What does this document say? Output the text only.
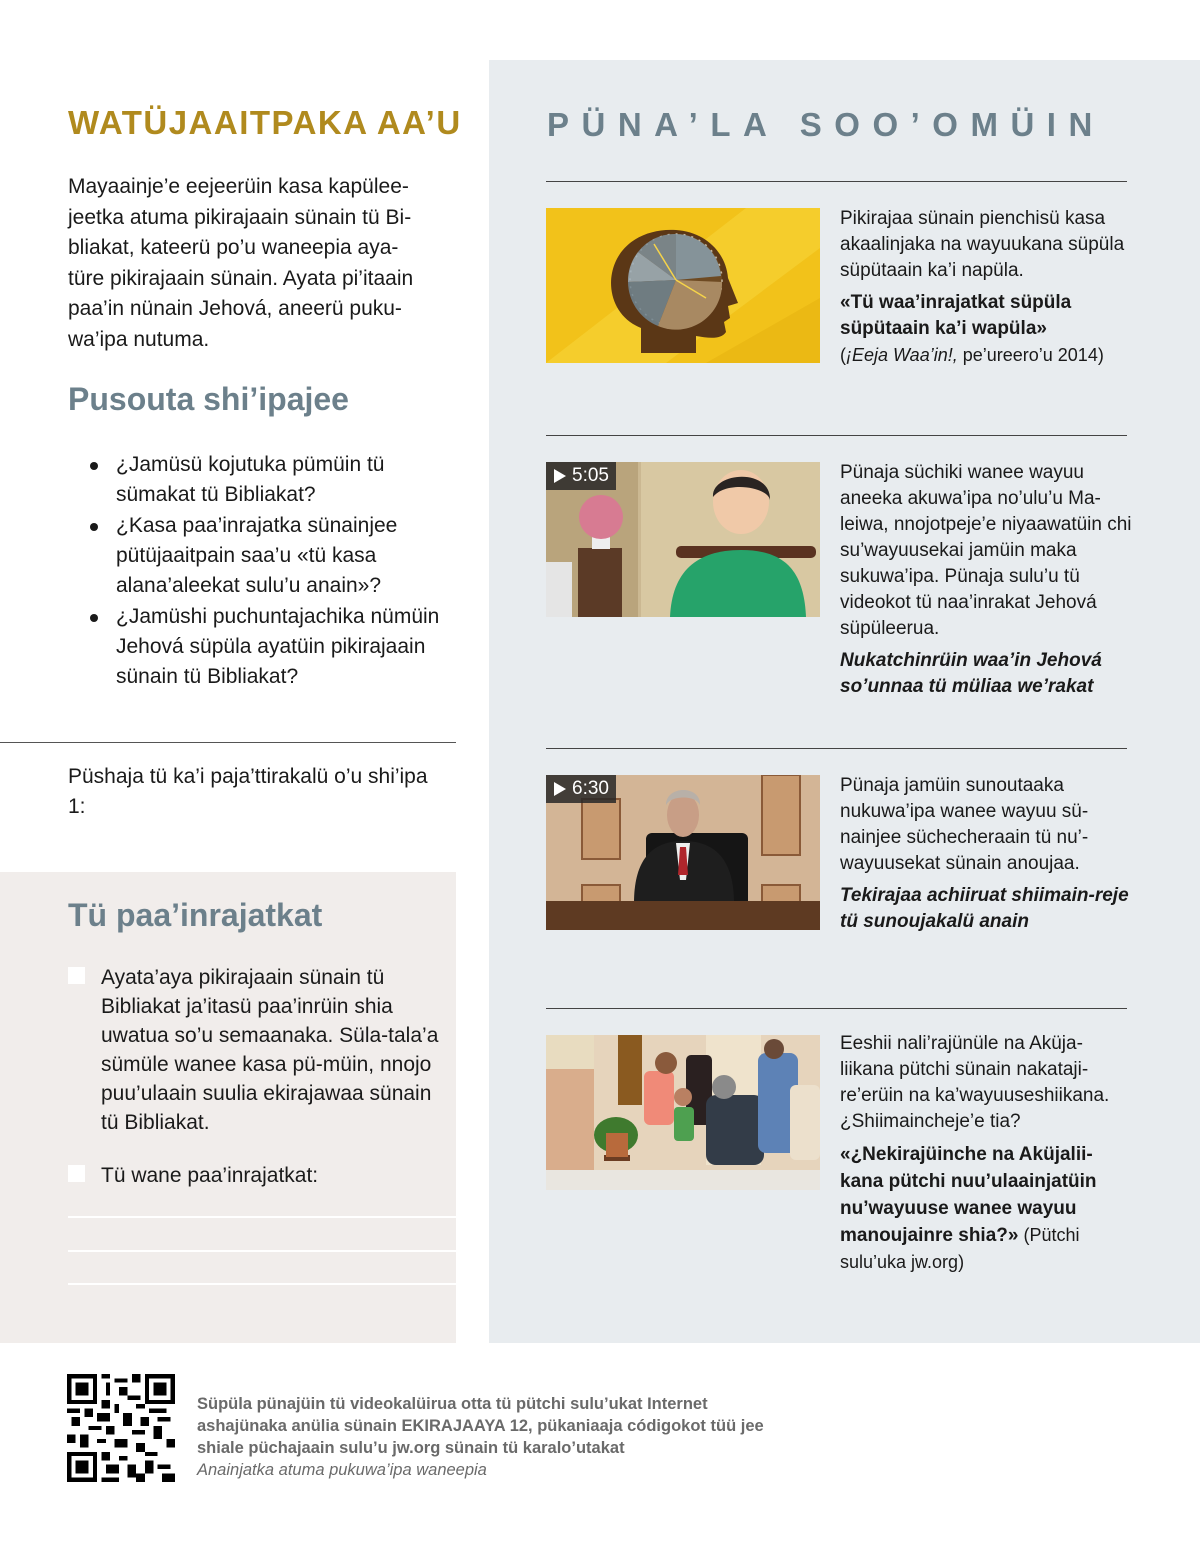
WATÜJAAITPAKA AA’U
Mayaainje’e eejeerüin kasa kapülee-
jeetka atuma pikirajaain sünain tü Bi-
bliakat, kateerü po’u waneepia aya-
türe pikirajaain sünain. Ayata pi’itaain
paa’in nünain Jehová, aneerü puku-
wa’ipa nutuma.
Pusouta shi’ipajee
¿Jamüsü kojutuka pümüin tü sümakat tü Bibliakat?
¿Kasa paa’inrajatka sünainjee pütüjaaitpain saa’u «tü kasa alana’aleekat sulu’u anain»?
¿Jamüshi puchuntajachika nümüin Jehová süpüla ayatüin pikirajaain sünain tü Bibliakat?
Püshaja tü ka’i paja’ttirakalü o’u shi’ipa 1:
Tü paa’inrajatkat
Ayata’aya pikirajaain sünain tü Bibliakat ja’itasü paa’inrüin shia uwatua so’u semaanaka. Süla-tala’a sümüle wanee kasa pü-müin, nnojo puu’ulaain suulia ekirajawaa sünain tü Bibliakat.
Tü wane paa’inrajatkat:
PÜNA’LA SOO’OMÜIN

Pikirajaa sünain pienchisü kasa akaalinjaka na wayuukana süpüla süpütaain ka’i napüla.

«Tü waa’inrajatkat süpüla süpütaain ka’i wapüla»
(¡Eeja Waa’in!, pe’ureero’u 2014)
5:05	Pünaja süchiki wanee wayuu aneeka akuwa’ipa no’ulu’u Ma-leiwa, nnojotpeje’e niyaawatüin chi su’wayuusekai jamüin maka sukuwa’ipa. Pünaja sulu’u tü videokot tü naa’inrakat Jehová süpüleerua.

Nukatchinrüin waa’in Jehová so’unnaa tü müliaa we’rakat
6:30	Pünaja jamüin sunoutaaka nukuwa’ipa wanee wayuu sü-nainjee süchecheraain tü nu’-wayuusekat sünain anoujaa.

Tekirajaa achiiruat shiimain-reje tü sunoujakalü anain

Eeshii nali’rajünüle na Aküja-liikana pütchi sünain nakataji-re’erüin na ka’wayuuseshiikana. ¿Shiimaincheje’e tia?

«¿Nekirajüinche na Aküjalii-kana pütchi nuu’ulaainjatüin nu’wayuuse wanee wayuu manoujainre shia?» (Pütchi sulu’uka jw.org)
Süpüla pünajüin tü videokalüirua otta tü pütchi sulu’ukat Internet ashajünaka anülia sünain EKIRAJAAYA 12, pükaniaaja códigokot tüü jee shiale püchajaain sulu’u jw.org sünain tü karalo’utakat
Anainjatka atuma pukuwa’ipa waneepia
